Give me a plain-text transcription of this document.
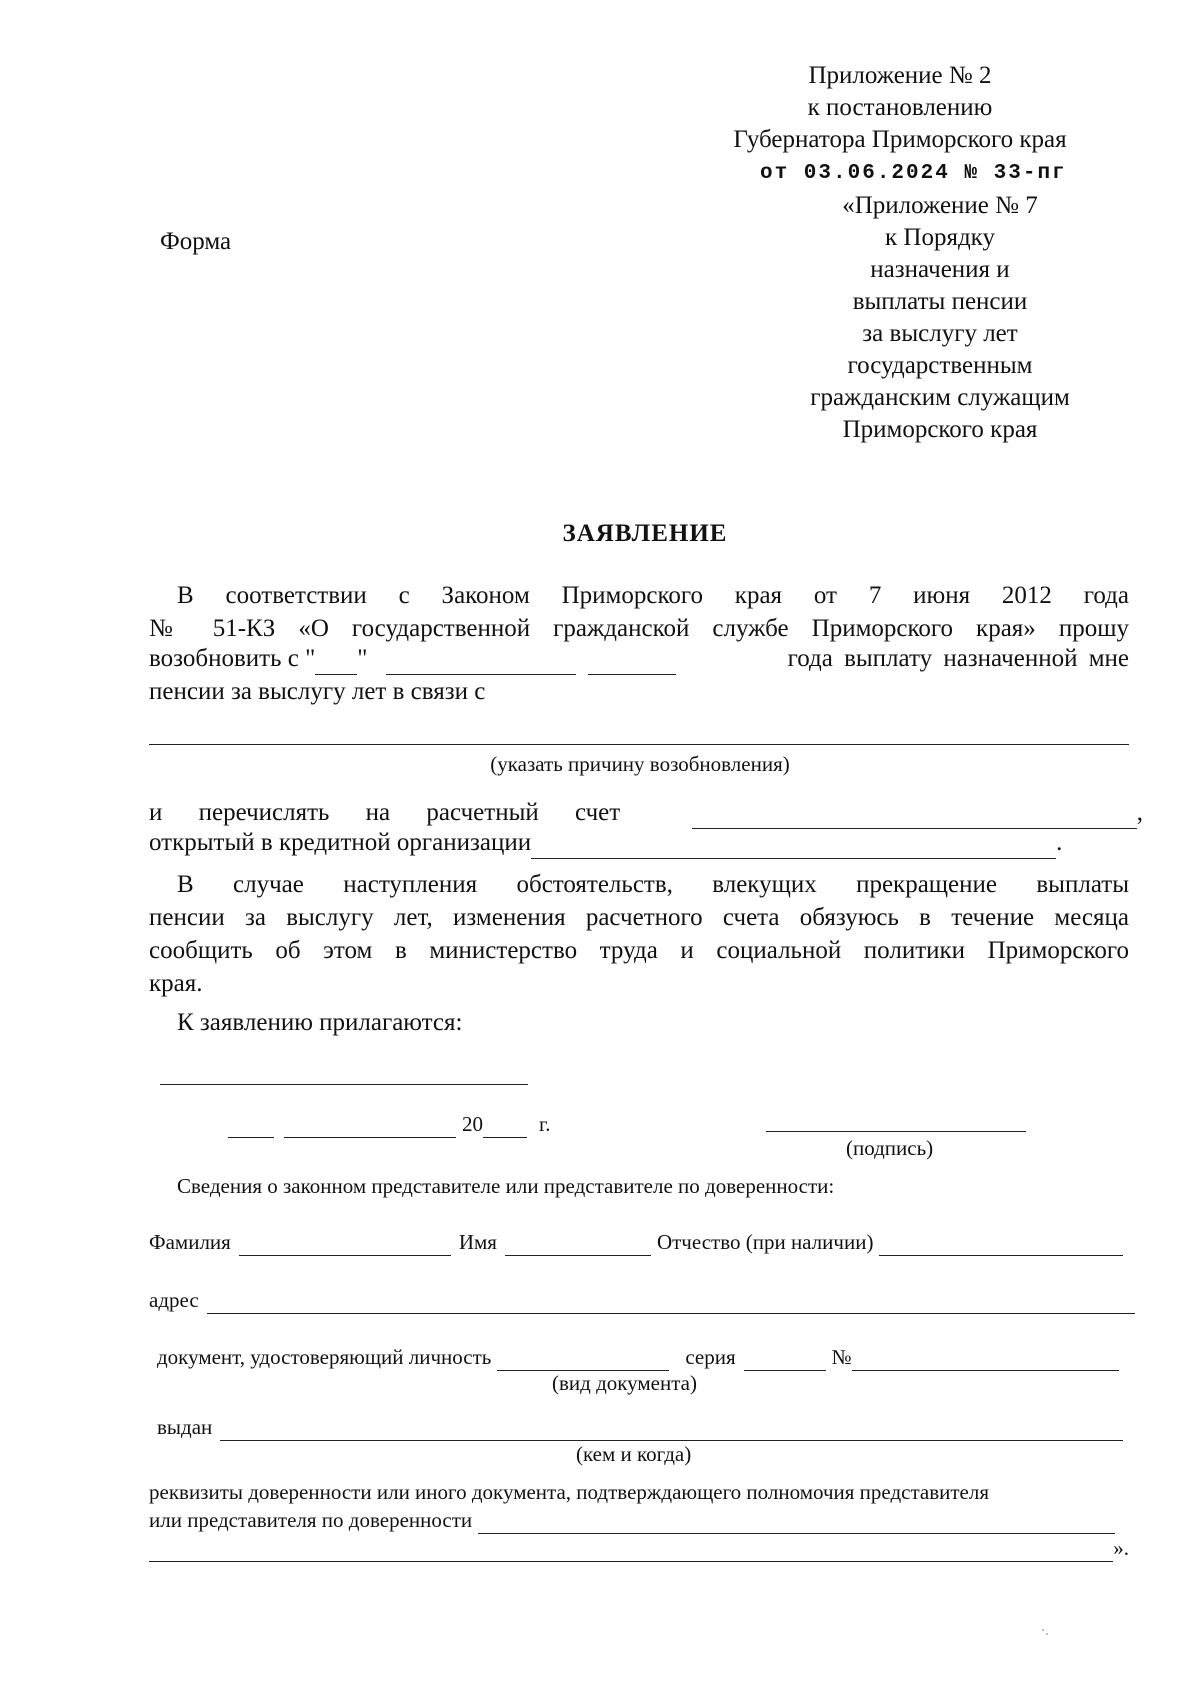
Приложение № 2
к постановлению
Губернатора Приморского края
от 03.06.2024 № 33-пг
«Приложение № 7
к Порядку
назначения и
выплаты пенсии
за выслугу лет
государственным
гражданским служащим
Приморского края
Форма
ЗАЯВЛЕНИЕ
В соответствии с Законом Приморского края от 7 июня 2012 года
№ 51-КЗ «О государственной гражданской службе Приморского края» прошу
возобновить с " "	года выплату назначенной мне
пенсии за выслугу лет в связи с
(указать причину возобновления)
и перечислять на расчетный счет	,
открытый в кредитной организации	.
В случае наступления обстоятельств, влекущих прекращение выплаты
пенсии за выслугу лет, изменения расчетного счета обязуюсь в течение месяца
сообщить об этом в министерство труда и социальной политики Приморского
края.
К заявлению прилагаются:
20	г.
(подпись)
Сведения о законном представителе или представителе по доверенности:
Фамилия	Имя	Отчество (при наличии)
адрес
документ, удостоверяющий личность	серия	№
(вид документа)
выдан
(кем и когда)
реквизиты доверенности или иного документа, подтверждающего полномочия представителя
или представителя по доверенности
».
